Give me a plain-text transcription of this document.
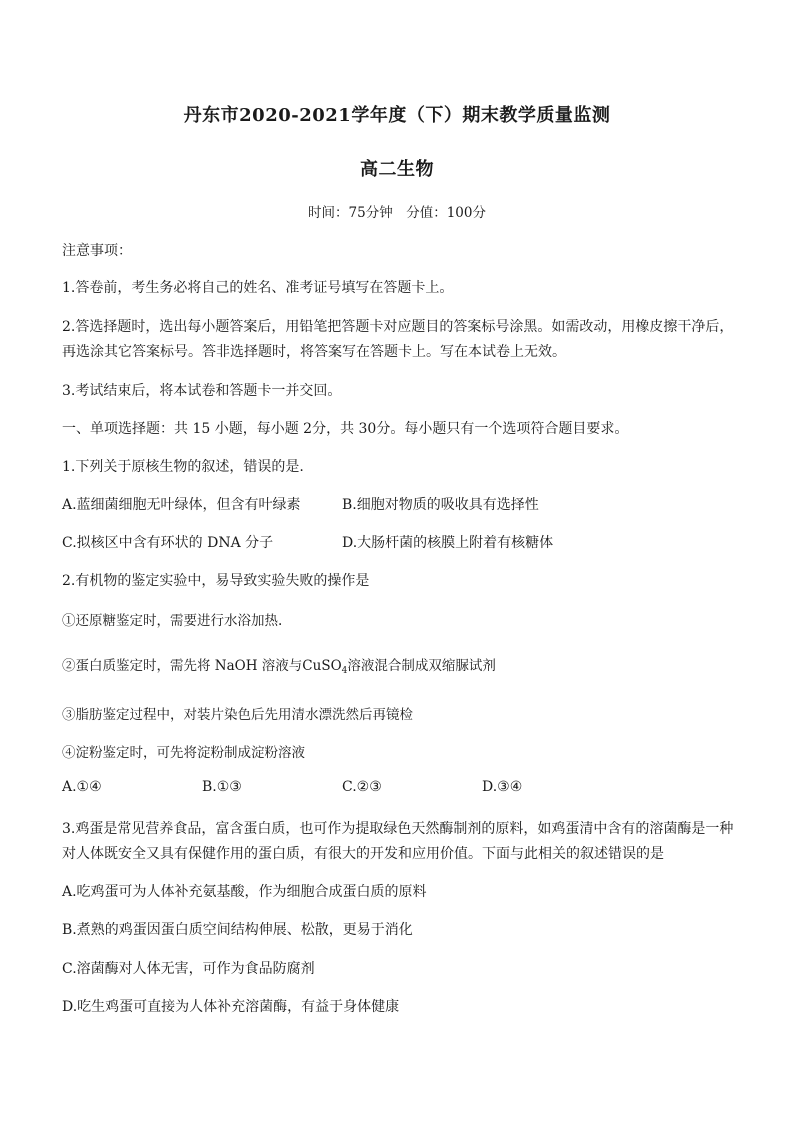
丹东市2020-2021学年度（下）期末教学质量监测
高二生物
时间：75分钟　分值：100分
注意事项：
1.答卷前，考生务必将自己的姓名、准考证号填写在答题卡上。
2.答选择题时，选出每小题答案后，用铅笔把答题卡对应题目的答案标号涂黑。如需改动，用橡皮擦干净后，
再选涂其它答案标号。答非选择题时，将答案写在答题卡上。写在本试卷上无效。
3.考试结束后，将本试卷和答题卡一并交回。
一、单项选择题：共 15 小题，每小题 2分，共 30分。每小题只有一个选项符合题目要求。
1.下列关于原核生物的叙述，错误的是.
A.蓝细菌细胞无叶绿体，但含有叶绿素	B.细胞对物质的吸收具有选择性
C.拟核区中含有环状的 DNA 分子	D.大肠杆菌的核膜上附着有核糖体
2.有机物的鉴定实验中，易导致实验失败的操作是
①还原糖鉴定时，需要进行水浴加热.
②蛋白质鉴定时，需先将 NaOH 溶液与CuSO$_4$溶液混合制成双缩脲试剂
③脂肪鉴定过程中，对装片染色后先用清水漂洗然后再镜检
④淀粉鉴定时，可先将淀粉制成淀粉溶液
A.①④	B.①③	C.②③	D.③④
3.鸡蛋是常见营养食品，富含蛋白质，也可作为提取绿色天然酶制剂的原料，如鸡蛋清中含有的溶菌酶是一种
对人体既安全又具有保健作用的蛋白质，有很大的开发和应用价值。下面与此相关的叙述错误的是
A.吃鸡蛋可为人体补充氨基酸，作为细胞合成蛋白质的原料
B.煮熟的鸡蛋因蛋白质空间结构伸展、松散，更易于消化
C.溶菌酶对人体无害，可作为食品防腐剂
D.吃生鸡蛋可直接为人体补充溶菌酶，有益于身体健康
